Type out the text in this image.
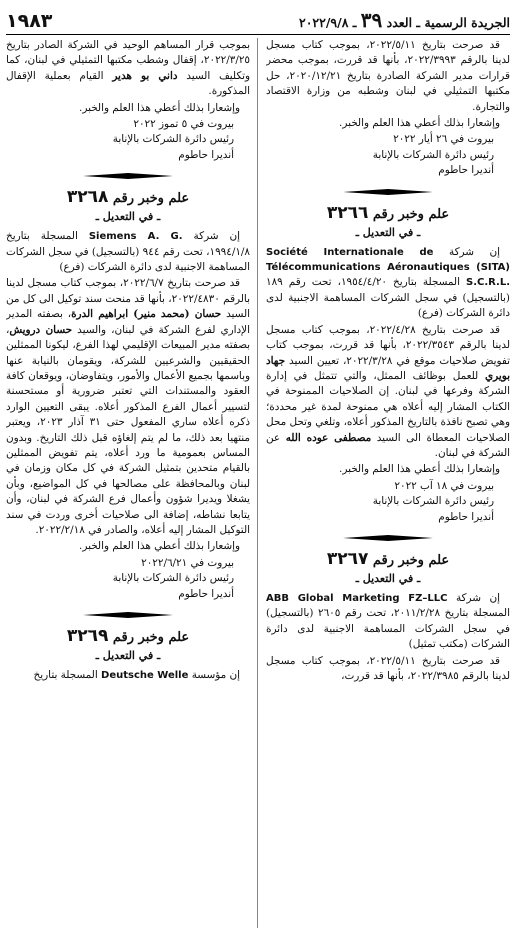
الجريدة الرسمية ـ العدد ٣٩ ـ ٢٠٢٢/٩/٨
١٩٨٣

قد صرحت بتاريخ ٢٠٢٢/٥/١١، بموجب كتاب مسجل لدينا بالرقم ٢٠٢٢/٣٩٩٣، بأنها قد قررت، بموجب محضر قرارات مدير الشركة الصادرة بتاريخ ٢٠٢٠/١٢/٢١، حل مكتبها التمثيلي في لبنان وشطبه من وزارة الاقتصاد والتجارة.

وإشعارا بذلك أعطي هذا العلم والخبر.

بيروت في ٢٦ أيار ٢٠٢٢
رئيس دائرة الشركات بالإنابة
أنديرا حاطوم
علم وخبر رقم ٣٢٦٦
ـ في التعديل ـ

إن شركة Société Internationale de Télécommunications Aéronautiques (SITA) S.C.R.L. المسجلة بتاريخ ١٩٥٤/٤/٢٠، تحت رقم ١٨٩ (بالتسجيل) في سجل الشركات المساهمة الاجنبية لدى دائرة الشركات (فرع)

قد صرحت بتاريخ ٢٠٢٢/٤/٢٨، بموجب كتاب مسجل لدينا بالرقم ٢٠٢٢/٣٥٤٣، بأنها قد قررت، بموجب كتاب تفويض صلاحيات موقع في ٢٠٢٢/٣/٢٨، تعيين السيد جهاد بويري للعمل بوظائف الممثل، والتي تتمثل في إدارة الشركة وفرعها في لبنان. إن الصلاحيات الممنوحة في الكتاب المشار إليه أعلاه هي ممنوحة لمدة غير محددة؛ وهي تصبح نافذة بالتاريخ المذكور أعلاه، وتلغي وتحل محل الصلاحيات المعطاة الى السيد مصطفى عوده الله عن الشركة في لبنان.

وإشعارا بذلك أعطي هذا العلم والخبر.

بيروت في ١٨ آب ٢٠٢٢
رئيس دائرة الشركات بالإنابة
أنديرا حاطوم
علم وخبر رقم ٣٢٦٧
ـ في التعديل ـ

إن شركة ABB Global Marketing FZ–LLC المسجلة بتاريخ ٢٠١١/٢/٢٨، تحت رقم ٢٦٠٥ (بالتسجيل) في سجل الشركات المساهمة الاجنبية لدى دائرة الشركات (مكتب تمثيل)

قد صرحت بتاريخ ٢٠٢٢/٥/١١، بموجب كتاب مسجل لدينا بالرقم ٢٠٢٢/٣٩٨٥، بأنها قد قررت،

بموجب قرار المساهم الوحيد في الشركة الصادر بتاريخ ٢٠٢٢/٣/٢٥، إقفال وشطب مكتبها التمثيلي في لبنان، كما وتكليف السيد داني بو هدير القيام بعملية الإقفال المذكورة.

وإشعارا بذلك أعطي هذا العلم والخبر.

بيروت في ٥ تموز ٢٠٢٢
رئيس دائرة الشركات بالإنابة
أنديرا حاطوم
علم وخبر رقم ٣٢٦٨
ـ في التعديل ـ

إن شركة Siemens A. G. المسجلة بتاريخ ١٩٩٤/١/٨، تحت رقم ٩٤٤ (بالتسجيل) في سجل الشركات المساهمة الاجنبية لدى دائرة الشركات (فرع)

قد صرحت بتاريخ ٢٠٢٢/٦/٧، بموجب كتاب مسجل لدينا بالرقم ٢٠٢٢/٤٨٣٠، بأنها قد منحت سند توكيل الى كل من السيد حسان (محمد منير) ابراهيم الدرة، بصفته المدير الإداري لفرع الشركة في لبنان، والسيد حسان درويش، بصفته مدير المبيعات الإقليمي لهذا الفرع، ليكونا الممثلين الحقيقيين والشرعيين للشركة، ويقومان بالنيابة عنها وباسمها بجميع الأعمال والأمور، ويتفاوضان، ويوقعان كافة العقود والمستندات التي تعتبر ضرورية أو مستحسنة لتسيير أعمال الفرع المذكور أعلاه. يبقى التعيين الوارد ذكره أعلاه ساري المفعول حتى ٣١ آذار ٢٠٢٣، ويعتبر منتهيا بعد ذلك، ما لم يتم إلغاؤه قبل ذلك التاريخ. وبدون المساس بعمومية ما ورد أعلاه، يتم تفويض الممثلين بالقيام متحدين بتمثيل الشركة في كل مكان وزمان في لبنان وبالمحافظة على مصالحها في كل المواضيع، وبأن يشغلا ويديرا شؤون وأعمال فرع الشركة في لبنان، وأن يتابعا نشاطه، إضافة الى صلاحيات أخرى وردت في سند التوكيل المشار إليه أعلاه، والصادر في ٢٠٢٢/٢/١٨.

وإشعارا بذلك أعطي هذا العلم والخبر.

بيروت في ٢٠٢٢/٦/٢١
رئيس دائرة الشركات بالإنابة
أنديرا حاطوم
علم وخبر رقم ٣٢٦٩
ـ في التعديل ـ

إن مؤسسة Deutsche Welle المسجلة بتاريخ
